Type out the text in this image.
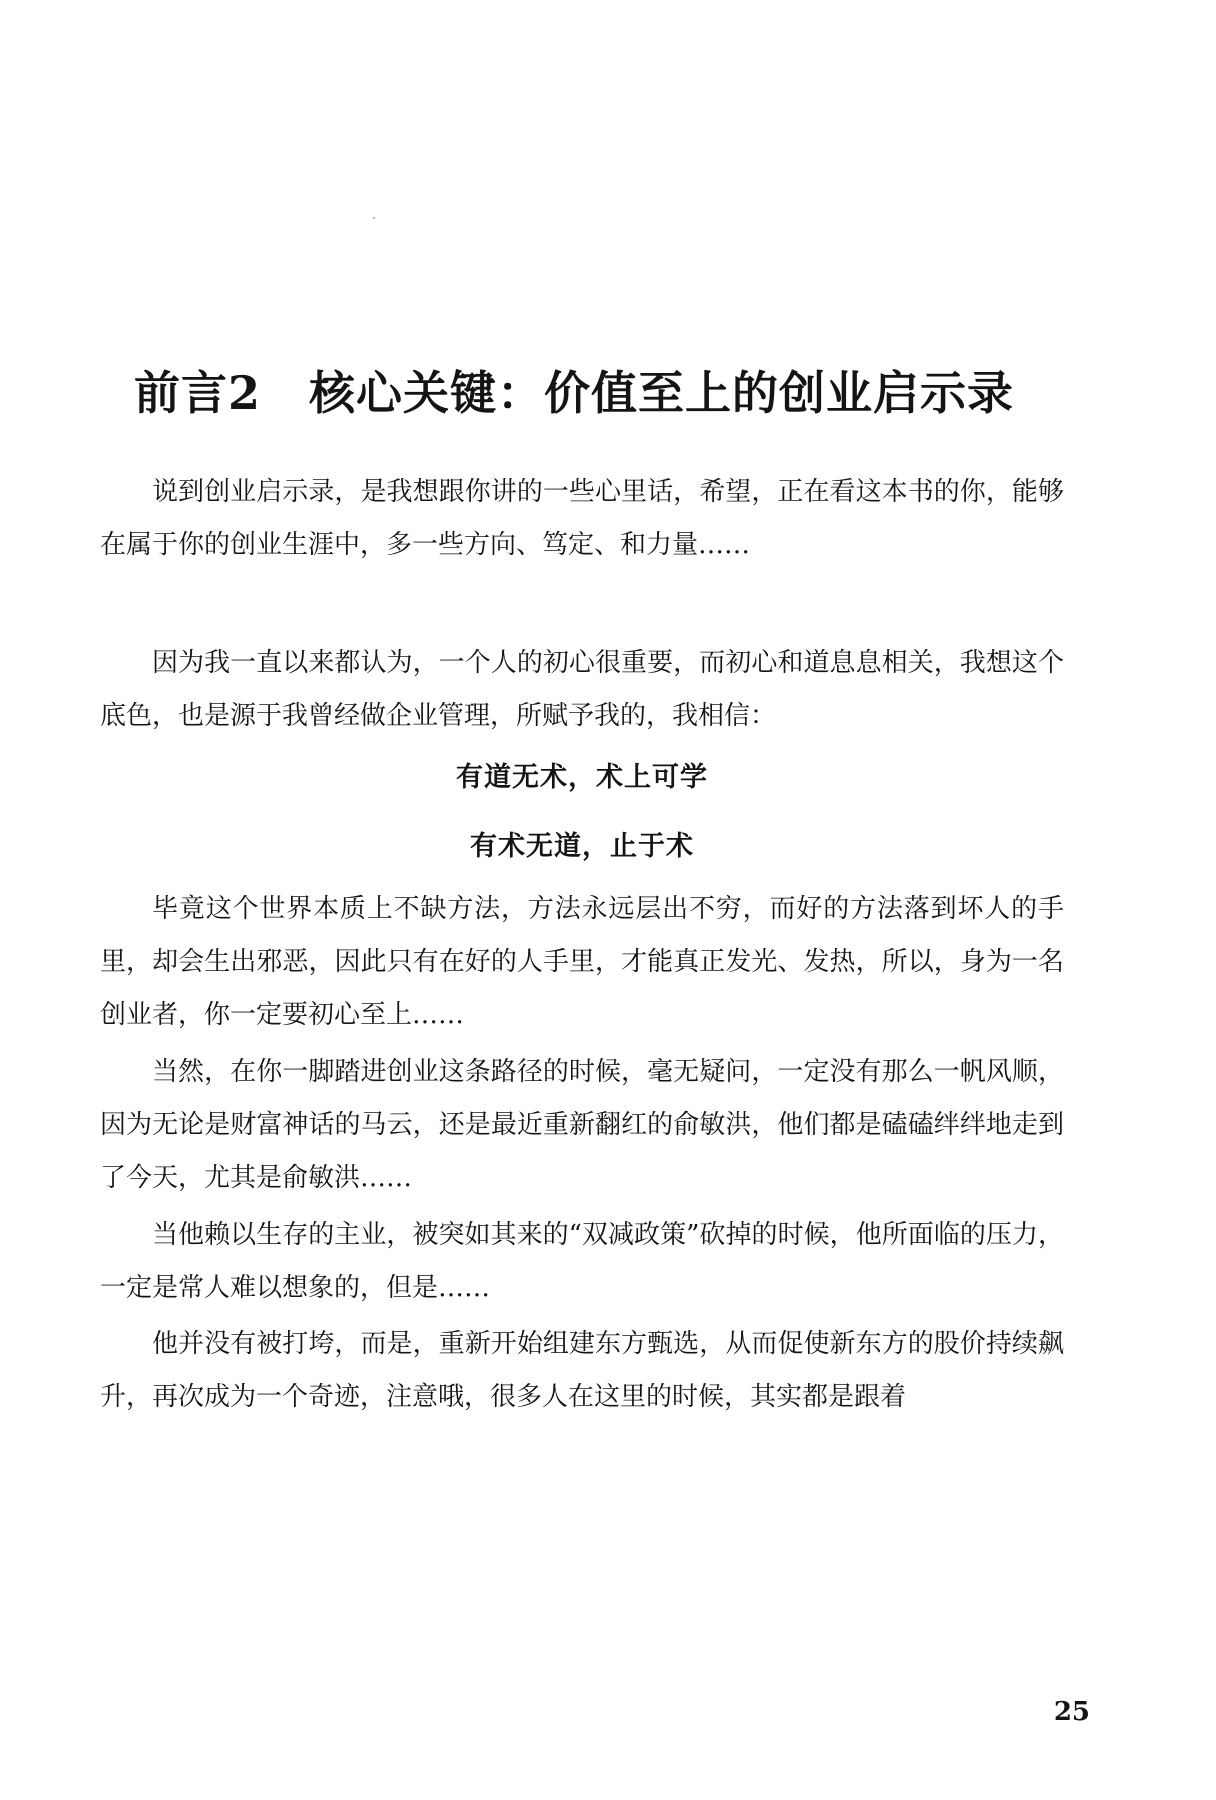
前言2 核心关键：价值至上的创业启示录

说到创业启示录，是我想跟你讲的一些心里话，希望，正在看这本书的你，能够在属于你的创业生涯中，多一些方向、笃定、和力量……

因为我一直以来都认为，一个人的初心很重要，而初心和道息息相关，我想这个底色，也是源于我曾经做企业管理，所赋予我的，我相信：

有道无术，术上可学

有术无道，止于术

毕竟这个世界本质上不缺方法，方法永远层出不穷，而好的方法落到坏人的手里，却会生出邪恶，因此只有在好的人手里，才能真正发光、发热，所以，身为一名创业者，你一定要初心至上……

当然，在你一脚踏进创业这条路径的时候，毫无疑问，一定没有那么一帆风顺， 因为无论是财富神话的马云，还是最近重新翻红的俞敏洪，他们都是磕磕绊绊地走到了今天，尤其是俞敏洪……

当他赖以生存的主业，被突如其来的“双减政策”砍掉的时候，他所面临的压力，一定是常人难以想象的，但是……

他并没有被打垮，而是，重新开始组建东方甄选，从而促使新东方的股价持续飙升，再次成为一个奇迹，注意哦，很多人在这里的时候，其实都是跟着

25
